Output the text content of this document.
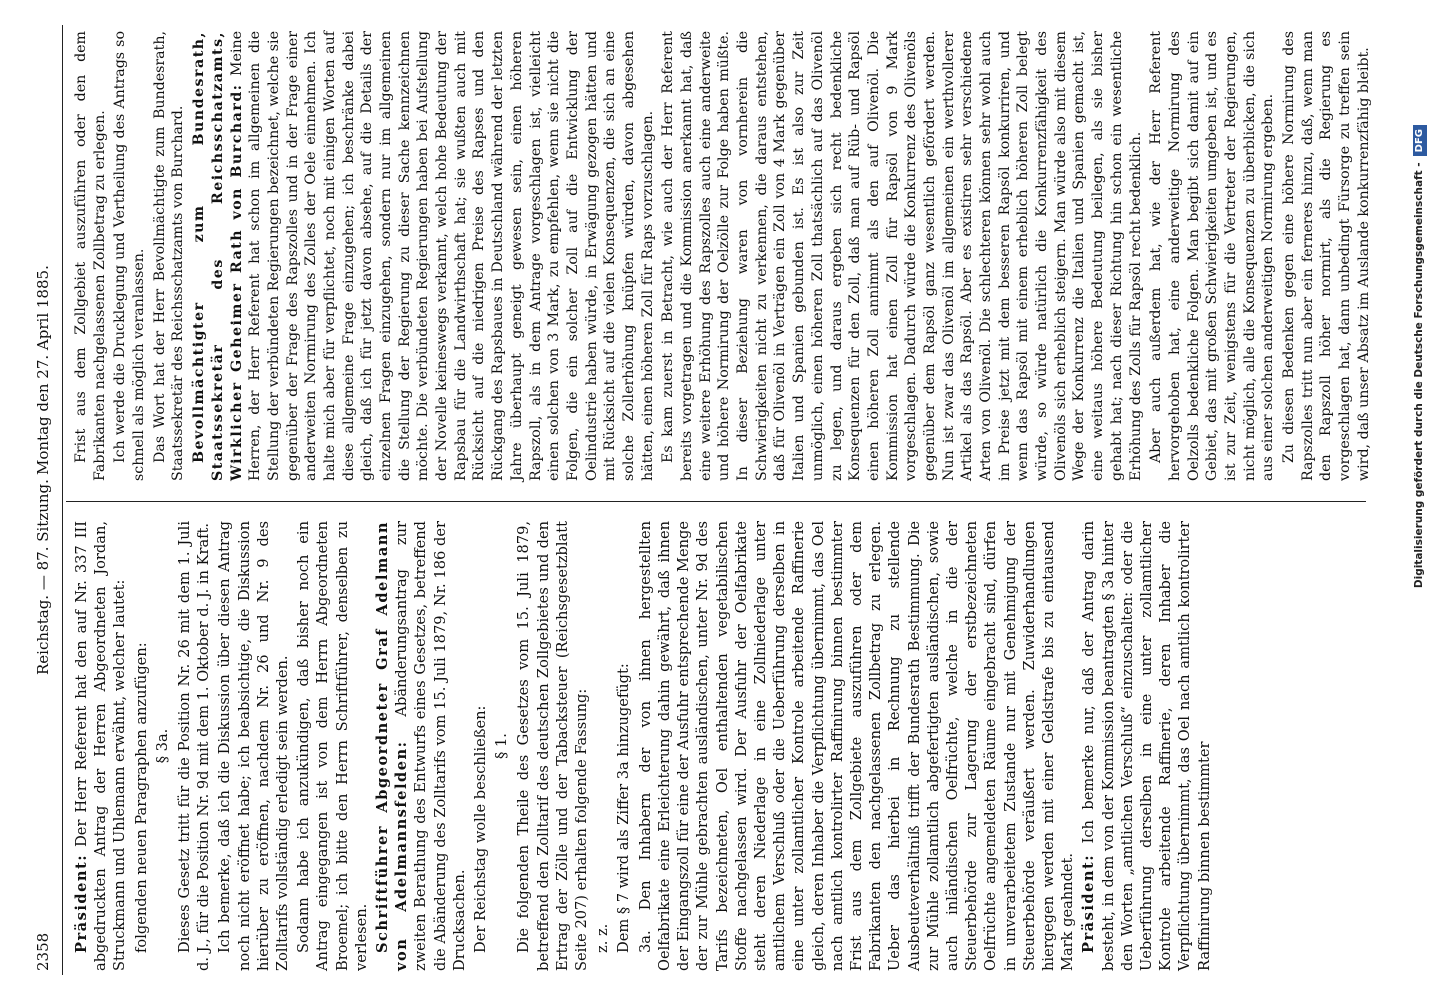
2358
Reichstag. — 87. Sitzung.
Montag den 27. April 1885.

Präsident: Der Herr Referent hat den auf Nr. 337 III abgedruckten Antrag der Herren Abgeordneten Jordan, Struckmann und Uhlemann erwähnt, welcher lautet: folgenden neuen Paragraphen anzufügen: § 3a. Dieses Gesetz tritt für die Position Nr. 26 mit dem 1. Juli d. J., für die Position Nr. 9d mit dem 1. Oktober d. J. in Kraft. Ich bemerke, daß ich die Diskussion über diesen Antrag noch nicht eröffnet habe; ich beabsichtige, die Diskussion hierüber zu eröffnen, nachdem Nr. 26 und Nr. 9 des Zolltarifs vollständig erledigt sein werden. Sodann habe ich anzukündigen, daß bisher noch ein Antrag eingegangen ist von dem Herrn Abgeordneten Broemel; ich bitte den Herrn Schriftführer, denselben zu verlesen. Schriftführer Abgeordneter Graf Adelmann von Adelmannsfelden: Abänderungsantrag zur zweiten Berathung des Entwurfs eines Gesetzes, betreffend die Abänderung des Zolltarifs vom 15. Juli 1879, Nr. 186 der Drucksachen. Der Reichstag wolle beschließen: § 1. Die folgenden Theile des Gesetzes vom 15. Juli 1879, betreffend den Zolltarif des deutschen Zollgebietes und den Ertrag der Zölle und der Tabacksteuer (Reichsgesetzblatt Seite 207) erhalten folgende Fassung: z. z. Dem § 7 wird als Ziffer 3a hinzugefügt: 3a. Den Inhabern der von ihnen hergestellten Oelfabrikate eine Erleichterung dahin gewährt, daß ihnen der Eingangszoll für eine der Ausfuhr entsprechende Menge der zur Mühle gebrachten ausländischen, unter Nr. 9d des Tarifs bezeichneten, Oel enthaltenden vegetabilischen Stoffe nachgelassen wird. Der Ausfuhr der Oelfabrikate steht deren Niederlage in eine Zollniederlage unter amtlichem Verschluß oder die Ueberführung derselben in eine unter zollamtlicher Kontrole arbeitende Raffinerie gleich, deren Inhaber die Verpflichtung übernimmt, das Oel nach amtlich kontrolirter Raffinirung binnen bestimmter Frist aus dem Zollgebiete auszuführen oder dem Fabrikanten den nachgelassenen Zollbetrag zu erlegen. Ueber das hierbei in Rechnung zu stellende Ausbeuteverhältniß trifft der Bundesrath Bestimmung. Die zur Mühle zollamtlich abgefertigten ausländischen, sowie auch inländischen Oelfrüchte, welche in die der Steuerbehörde zur Lagerung der erstbezeichneten Oelfrüchte angemeldeten Räume eingebracht sind, dürfen in unverarbeitetem Zustande nur mit Genehmigung der Steuerbehörde veräußert werden. Zuwiderhandlungen hiergegen werden mit einer Geldstrafe bis zu eintausend Mark geahndet. Präsident: Ich bemerke nur, daß der Antrag darin besteht, in dem von der Kommission beantragten § 3a hinter den Worten „amtlichen Verschluß“ einzuschalten: oder die Ueberführung derselben in eine unter zollamtlicher Kontrole arbeitende Raffinerie, deren Inhaber die Verpflichtung übernimmt, das Oel nach amtlich kontrolirter Raffinirung binnen bestimmter

Frist aus dem Zollgebiet auszuführen oder den dem Fabrikanten nachgelassenen Zollbetrag zu erlegen. Ich werde die Drucklegung und Vertheilung des Antrags so schnell als möglich veranlassen. Das Wort hat der Herr Bevollmächtigte zum Bundesrath, Staatssekretär des Reichsschatzamts von Burchard. Bevollmächtigter zum Bundesrath, Staatssekretär des Reichsschatzamts, Wirklicher Geheimer Rath von Burchard: Meine Herren, der Herr Referent hat schon im allgemeinen die Stellung der verbündeten Regierungen bezeichnet, welche sie gegenüber der Frage des Rapszolles und in der Frage einer anderweiten Normirung des Zolles der Oele einnehmen. Ich halte mich aber für verpflichtet, noch mit einigen Worten auf diese allgemeine Frage einzugehen; ich beschränke dabei gleich, daß ich für jetzt davon absehe, auf die Details der einzelnen Fragen einzugehen, sondern nur im allgemeinen die Stellung der Regierung zu dieser Sache kennzeichnen möchte. Die verbündeten Regierungen haben bei Aufstellung der Novelle keineswegs verkannt, welch hohe Bedeutung der Rapsbau für die Landwirthschaft hat; sie wußten auch mit Rücksicht auf die niedrigen Preise des Rapses und den Rückgang des Rapsbaues in Deutschland während der letzten Jahre überhaupt geneigt gewesen sein, einen höheren Rapszoll, als in dem Antrage vorgeschlagen ist, vielleicht einen solchen von 3 Mark, zu empfehlen, wenn sie nicht die Folgen, die ein solcher Zoll auf die Entwicklung der Oelindustrie haben würde, in Erwägung gezogen hätten und mit Rücksicht auf die vielen Konsequenzen, die sich an eine solche Zollerhöhung knüpfen würden, davon abgesehen hätten, einen höheren Zoll für Raps vorzuschlagen. Es kam zuerst in Betracht, wie auch der Herr Referent bereits vorgetragen und die Kommission anerkannt hat, daß eine weitere Erhöhung des Rapszolles auch eine anderweite und höhere Normirung der Oelzölle zur Folge haben müßte. In dieser Beziehung waren von vornherein die Schwierigkeiten nicht zu verkennen, die daraus entstehen, daß für Olivenöl in Verträgen ein Zoll von 4 Mark gegenüber Italien und Spanien gebunden ist. Es ist also zur Zeit unmöglich, einen höheren Zoll thatsächlich auf das Olivenöl zu legen, und daraus ergeben sich recht bedenkliche Konsequenzen für den Zoll, daß man auf Rüb- und Rapsöl einen höheren Zoll annimmt als den auf Olivenöl. Die Kommission hat einen Zoll für Rapsöl von 9 Mark vorgeschlagen. Dadurch würde die Konkurrenz des Olivenöls gegenüber dem Rapsöl ganz wesentlich gefördert werden. Nun ist zwar das Olivenöl im allgemeinen ein werthvollerer Artikel als das Rapsöl. Aber es existiren sehr verschiedene Arten von Olivenöl. Die schlechteren können sehr wohl auch im Preise jetzt mit dem besseren Rapsöl konkurriren, und wenn das Rapsöl mit einem erheblich höheren Zoll belegt würde, so würde natürlich die Konkurrenzfähigkeit des Olivenöls sich erheblich steigern. Man würde also mit diesem Wege der Konkurrenz die Italien und Spanien gemacht ist, eine weitaus höhere Bedeutung beilegen, als sie bisher gehabt hat; nach dieser Richtung hin schon ein wesentliche Erhöhung des Zolls für Rapsöl recht bedenklich. Aber auch außerdem hat, wie der Herr Referent hervorgehoben hat, eine anderweitige Normirung des Oelzolls bedenkliche Folgen. Man begibt sich damit auf ein Gebiet, das mit großen Schwierigkeiten umgeben ist, und es ist zur Zeit, wenigstens für die Vertreter der Regierungen, nicht möglich, alle die Konsequenzen zu überblicken, die sich aus einer solchen anderweitigen Normirung ergeben. Zu diesen Bedenken gegen eine höhere Normirung des Rapszolles tritt nun aber ein ferneres hinzu, daß, wenn man den Rapszoll höher normirt, als die Regierung es vorgeschlagen hat, dann unbedingt Fürsorge zu treffen sein wird, daß unser Absatz im Auslande konkurrenzfähig bleibt.	Digitalisierung gefördert durch die Deutsche Forschungsgemeinschaft -DFG
